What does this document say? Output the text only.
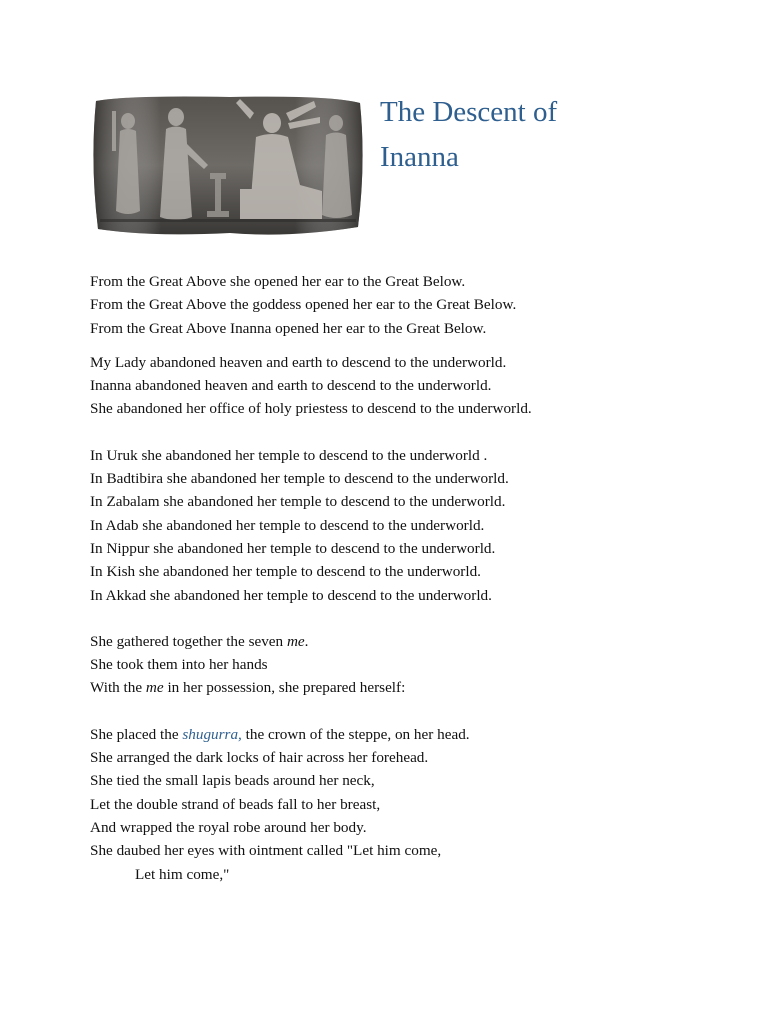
The Descent of
Inanna
From the Great Above she opened her ear to the Great Below.
From the Great Above the goddess opened her ear to the Great Below.
From the Great Above Inanna opened her ear to the Great Below.
My Lady abandoned heaven and earth to descend to the underworld.
Inanna abandoned heaven and earth to descend to the underworld.
She abandoned her office of holy priestess to descend to the underworld.
In Uruk she abandoned her temple to descend to the underworld .
In Badtibira she abandoned her temple to descend to the underworld.
In Zabalam she abandoned her temple to descend to the underworld.
In Adab she abandoned her temple to descend to the underworld.
In Nippur she abandoned her temple to descend to the underworld.
In Kish she abandoned her temple to descend to the underworld.
In Akkad she abandoned her temple to descend to the underworld.
She gathered together the seven me.
She took them into her hands
With the me in her possession, she prepared herself:
She placed the shugurra, the crown of the steppe, on her head.
She arranged the dark locks of hair across her forehead.
She tied the small lapis beads around her neck,
Let the double strand of beads fall to her breast,
And wrapped the royal robe around her body.
She daubed her eyes with ointment called "Let him come,
Let him come,"
